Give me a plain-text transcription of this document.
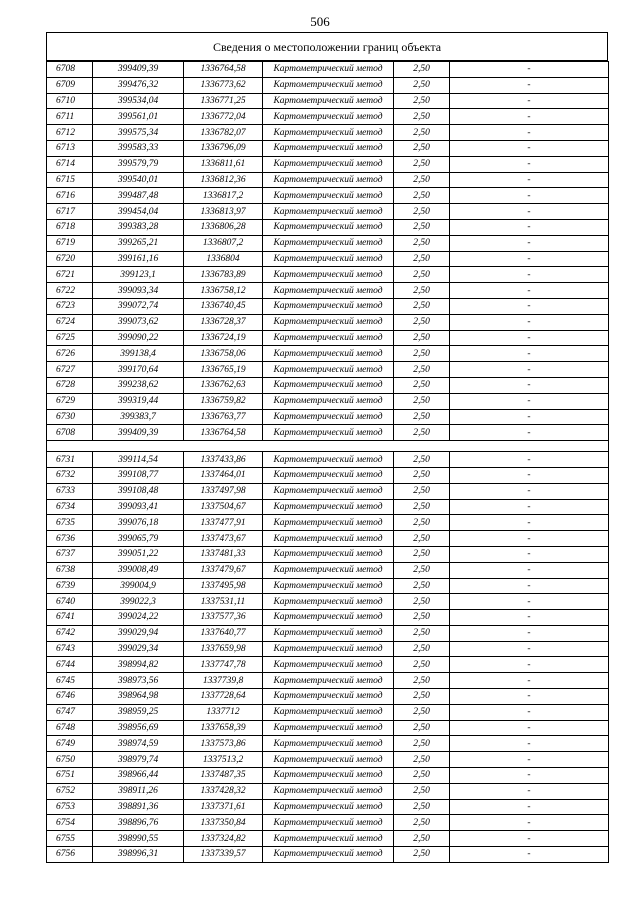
506
Сведения о местоположении границ объекта
6708	399409,39	1336764,58	Картометрический метод	2,50	-
6709	399476,32	1336773,62	Картометрический метод	2,50	-
6710	399534,04	1336771,25	Картометрический метод	2,50	-
6711	399561,01	1336772,04	Картометрический метод	2,50	-
6712	399575,34	1336782,07	Картометрический метод	2,50	-
6713	399583,33	1336796,09	Картометрический метод	2,50	-
6714	399579,79	1336811,61	Картометрический метод	2,50	-
6715	399540,01	1336812,36	Картометрический метод	2,50	-
6716	399487,48	1336817,2	Картометрический метод	2,50	-
6717	399454,04	1336813,97	Картометрический метод	2,50	-
6718	399383,28	1336806,28	Картометрический метод	2,50	-
6719	399265,21	1336807,2	Картометрический метод	2,50	-
6720	399161,16	1336804	Картометрический метод	2,50	-
6721	399123,1	1336783,89	Картометрический метод	2,50	-
6722	399093,34	1336758,12	Картометрический метод	2,50	-
6723	399072,74	1336740,45	Картометрический метод	2,50	-
6724	399073,62	1336728,37	Картометрический метод	2,50	-
6725	399090,22	1336724,19	Картометрический метод	2,50	-
6726	399138,4	1336758,06	Картометрический метод	2,50	-
6727	399170,64	1336765,19	Картометрический метод	2,50	-
6728	399238,62	1336762,63	Картометрический метод	2,50	-
6729	399319,44	1336759,82	Картометрический метод	2,50	-
6730	399383,7	1336763,77	Картометрический метод	2,50	-
6708	399409,39	1336764,58	Картометрический метод	2,50	-

6731	399114,54	1337433,86	Картометрический метод	2,50	-
6732	399108,77	1337464,01	Картометрический метод	2,50	-
6733	399108,48	1337497,98	Картометрический метод	2,50	-
6734	399093,41	1337504,67	Картометрический метод	2,50	-
6735	399076,18	1337477,91	Картометрический метод	2,50	-
6736	399065,79	1337473,67	Картометрический метод	2,50	-
6737	399051,22	1337481,33	Картометрический метод	2,50	-
6738	399008,49	1337479,67	Картометрический метод	2,50	-
6739	399004,9	1337495,98	Картометрический метод	2,50	-
6740	399022,3	1337531,11	Картометрический метод	2,50	-
6741	399024,22	1337577,36	Картометрический метод	2,50	-
6742	399029,94	1337640,77	Картометрический метод	2,50	-
6743	399029,34	1337659,98	Картометрический метод	2,50	-
6744	398994,82	1337747,78	Картометрический метод	2,50	-
6745	398973,56	1337739,8	Картометрический метод	2,50	-
6746	398964,98	1337728,64	Картометрический метод	2,50	-
6747	398959,25	1337712	Картометрический метод	2,50	-
6748	398956,69	1337658,39	Картометрический метод	2,50	-
6749	398974,59	1337573,86	Картометрический метод	2,50	-
6750	398979,74	1337513,2	Картометрический метод	2,50	-
6751	398966,44	1337487,35	Картометрический метод	2,50	-
6752	398911,26	1337428,32	Картометрический метод	2,50	-
6753	398891,36	1337371,61	Картометрический метод	2,50	-
6754	398896,76	1337350,84	Картометрический метод	2,50	-
6755	398990,55	1337324,82	Картометрический метод	2,50	-
6756	398996,31	1337339,57	Картометрический метод	2,50	-
